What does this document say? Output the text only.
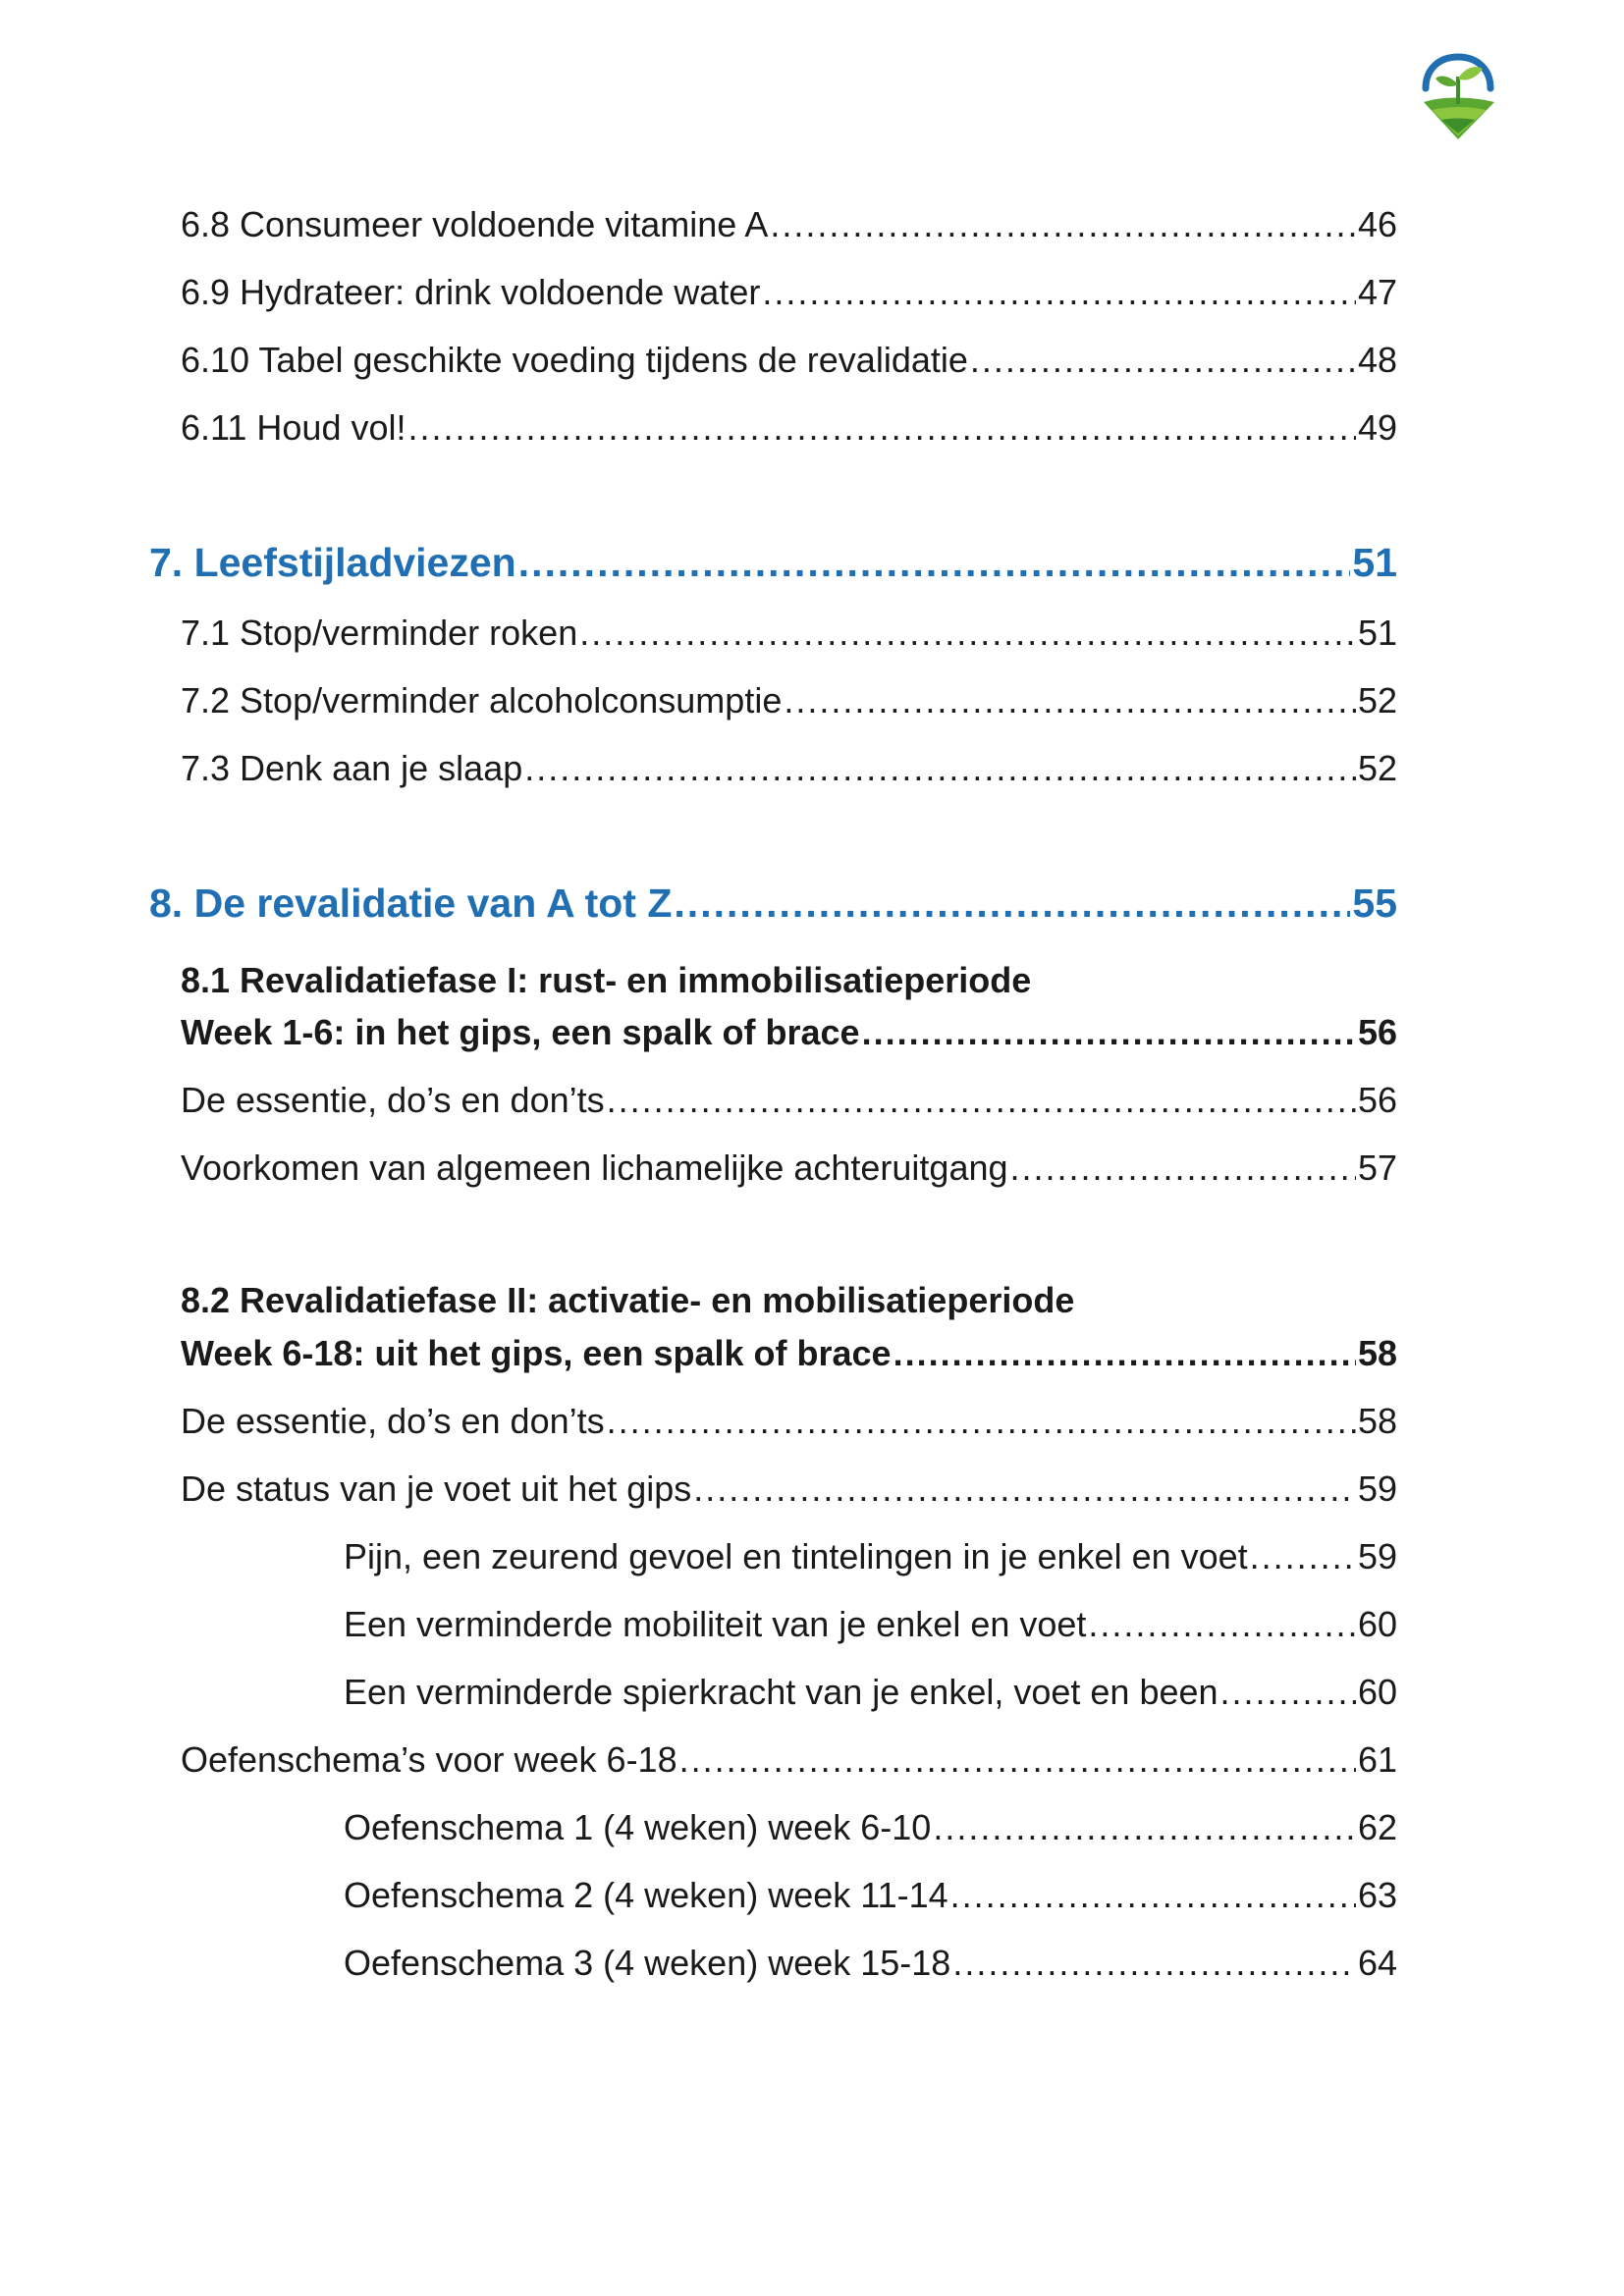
6.8 Consumeer voldoende vitamine A .....	46
6.9 Hydrateer: drink voldoende water .....	47
6.10 Tabel geschikte voeding tijdens de revalidatie .....	48
6.11 Houd vol! .....	49
7. Leefstijladviezen .....	51
7.1 Stop/verminder roken .....	51
7.2 Stop/verminder alcoholconsumptie .....	52
7.3 Denk aan je slaap .....	52
8. De revalidatie van A tot Z .....	55
8.1 Revalidatiefase I: rust- en immobilisatieperiode
Week 1-6: in het gips, een spalk of brace .....	56
De essentie, do’s en don’ts .....	56
Voorkomen van algemeen lichamelijke achteruitgang .....	57
8.2 Revalidatiefase II: activatie- en mobilisatieperiode
Week 6-18: uit het gips, een spalk of brace .....	58
De essentie, do’s en don’ts .....	58
De status van je voet uit het gips .....	59
Pijn, een zeurend gevoel en tintelingen in je enkel en voet .....	59
Een verminderde mobiliteit van je enkel en voet .....	60
Een verminderde spierkracht van je enkel, voet en been .....	60
Oefenschema’s voor week 6-18 .....	61
Oefenschema 1 (4 weken) week 6-10 .....	62
Oefenschema 2 (4 weken) week 11-14 .....	63
Oefenschema 3 (4 weken) week 15-18 .....	64
